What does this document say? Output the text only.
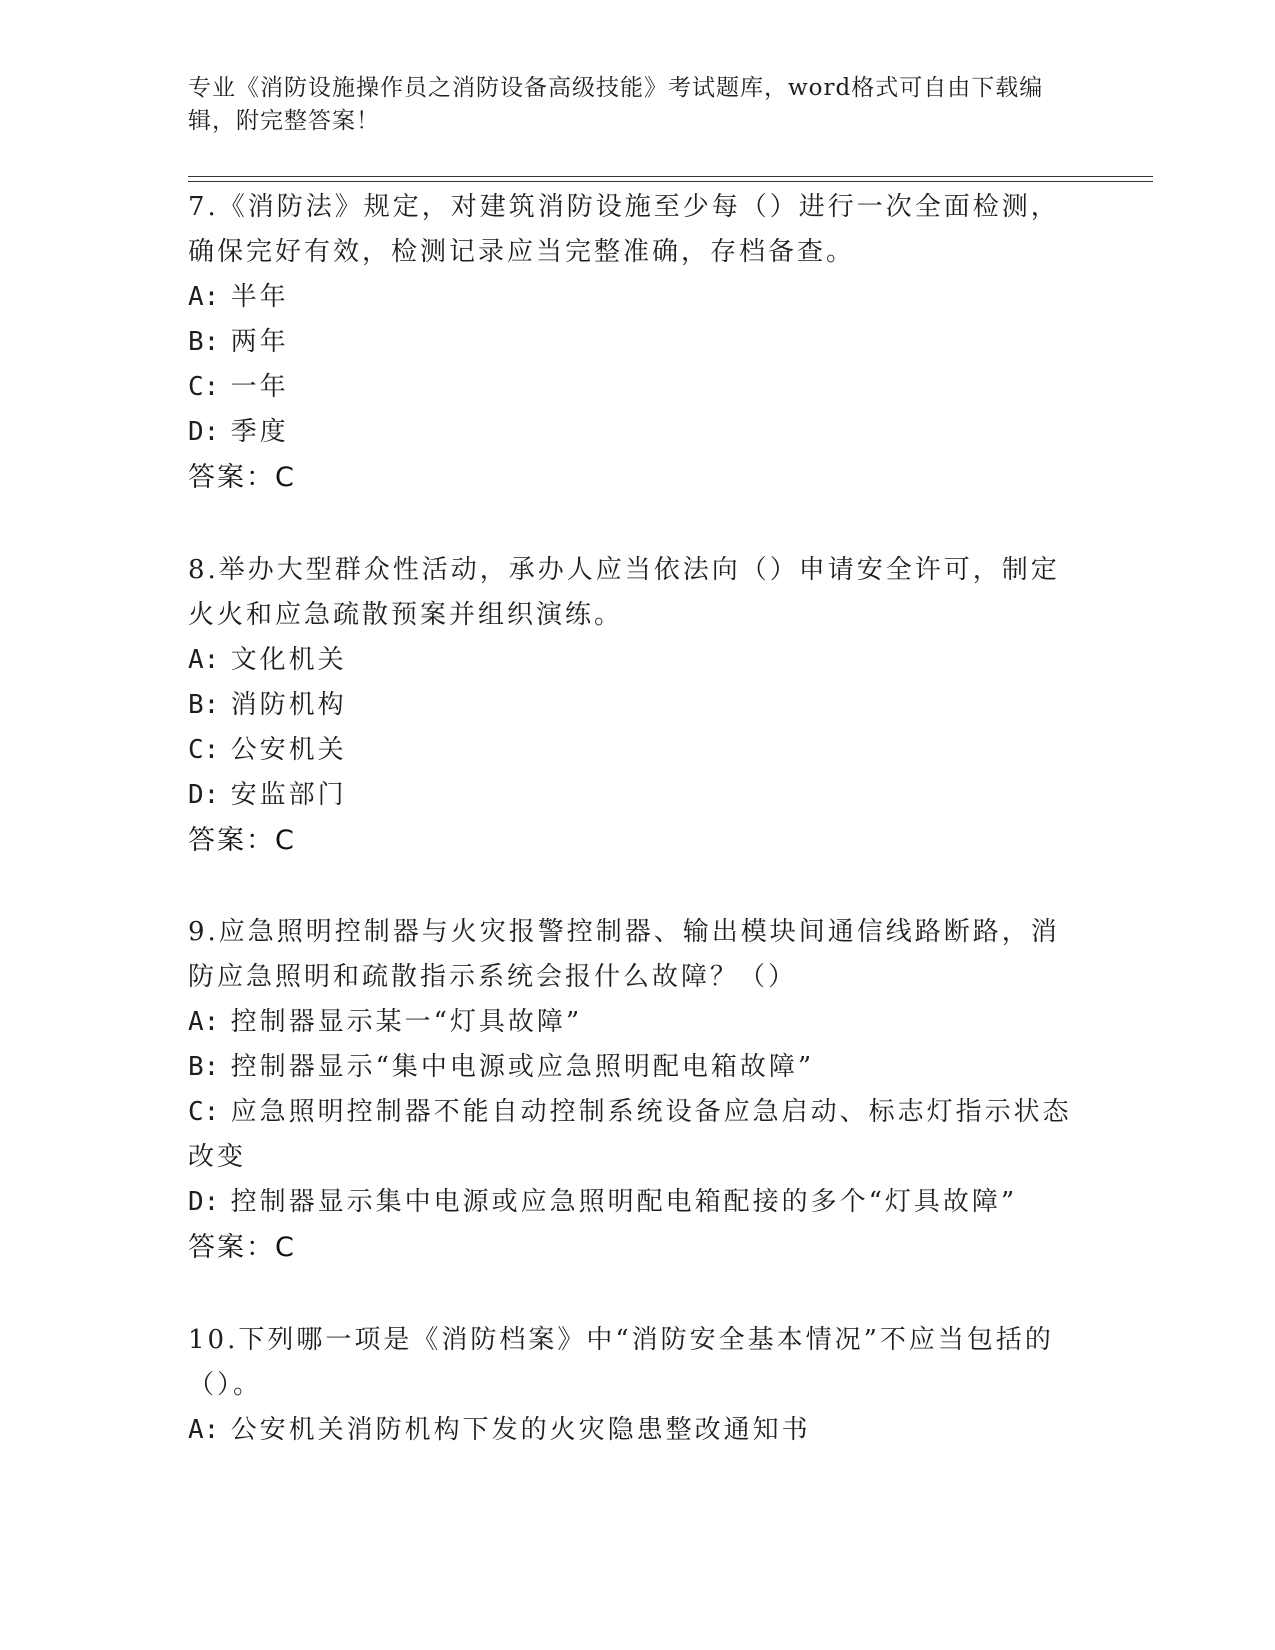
专业《消防设施操作员之消防设备高级技能》考试题库，word格式可自由下载编辑，附完整答案！

7.《消防法》规定，对建筑消防设施至少每（）进行一次全面检测，确保完好有效，检测记录应当完整准确，存档备查。

A: 半年

B: 两年

C: 一年

D: 季度

答案：C

8.举办大型群众性活动，承办人应当依法向（）申请安全许可，制定火火和应急疏散预案并组织演练。

A: 文化机关

B: 消防机构

C: 公安机关

D: 安监部门

答案：C

9.应急照明控制器与火灾报警控制器、输出模块间通信线路断路，消防应急照明和疏散指示系统会报什么故障？（）

A: 控制器显示某一“灯具故障”

B: 控制器显示“集中电源或应急照明配电箱故障”

C: 应急照明控制器不能自动控制系统设备应急启动、标志灯指示状态改变

D: 控制器显示集中电源或应急照明配电箱配接的多个“灯具故障”

答案：C

10.下列哪一项是《消防档案》中“消防安全基本情况”不应当包括的（）。

A: 公安机关消防机构下发的火灾隐患整改通知书
